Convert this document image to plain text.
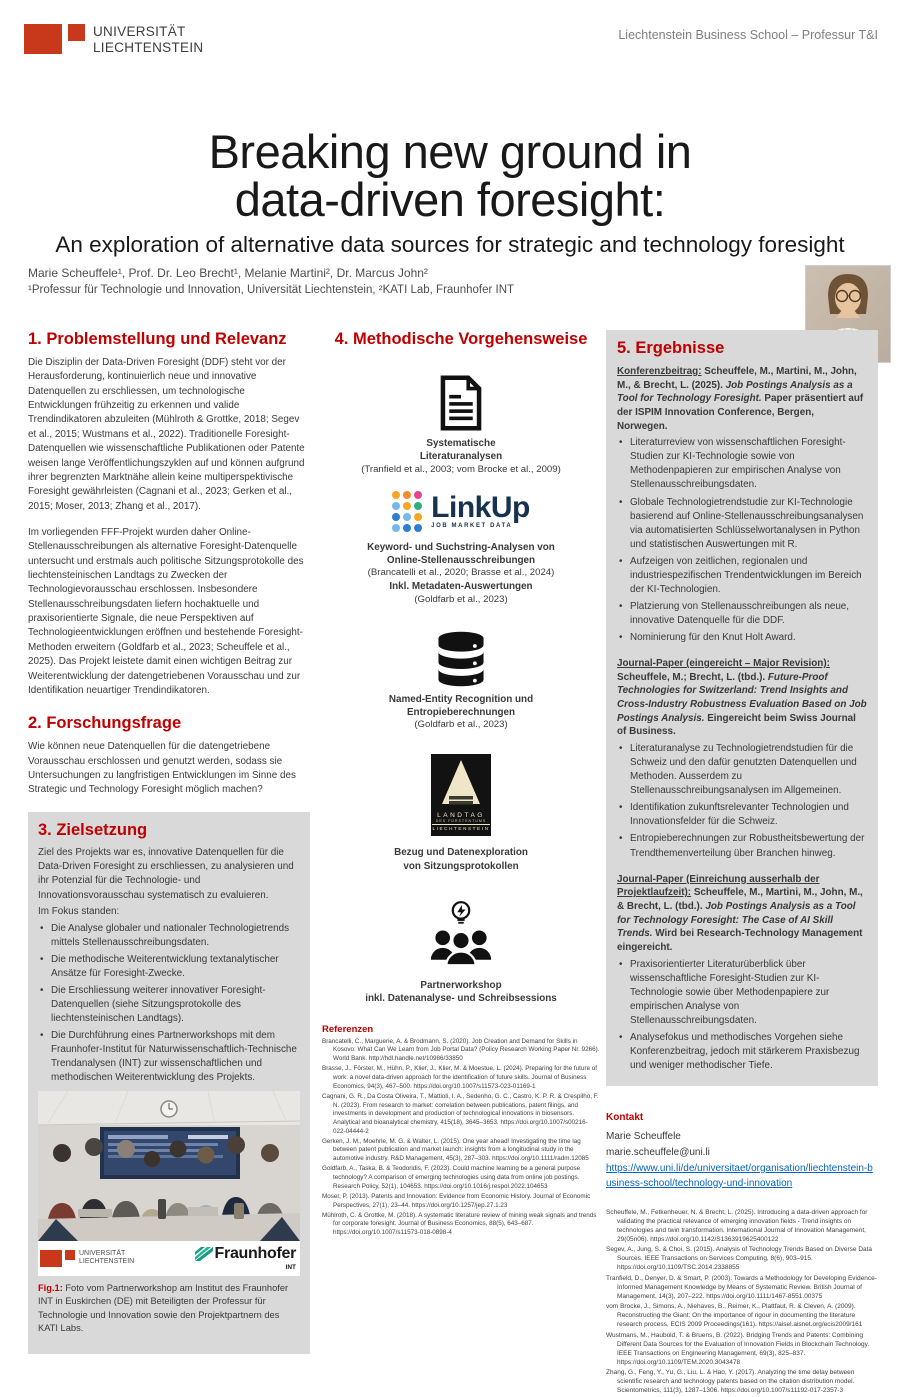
UNIVERSITÄT
LIECHTENSTEIN
Liechtenstein Business School – Professur T&I
Breaking new ground in
data-driven foresight:
An exploration of alternative data sources for strategic and technology foresight
Marie Scheuffele¹, Prof. Dr. Leo Brecht¹, Melanie Martini², Dr. Marcus John²
¹Professur für Technologie und Innovation, Universität Liechtenstein, ²KATI Lab, Fraunhofer INT
1. Problemstellung und Relevanz

Die Disziplin der Data-Driven Foresight (DDF) steht vor der Herausforderung, kontinuierlich neue und innovative Datenquellen zu erschliessen, um technologische Entwicklungen frühzeitig zu erkennen und valide Trendindikatoren abzuleiten (Mühlroth & Grottke, 2018; Segev et al., 2015; Wustmans et al., 2022). Traditionelle Foresight-Datenquellen wie wissenschaftliche Publikationen oder Patente weisen lange Veröffentlichungszyklen auf und können aufgrund ihrer begrenzten Marktnähe allein keine multiperspektivische Foresight gewährleisten (Cagnani et al., 2023; Gerken et al., 2015; Moser, 2013; Zhang et al., 2017).

Im vorliegenden FFF-Projekt wurden daher Online-Stellenausschreibungen als alternative Foresight-Datenquelle untersucht und erstmals auch politische Sitzungsprotokolle des liechtensteinischen Landtags zu Zwecken der Technologievorausschau erschlossen. Insbesondere Stellenausschreibungsdaten liefern hochaktuelle und praxisorientierte Signale, die neue Perspektiven auf Technologieentwicklungen eröffnen und bestehende Foresight-Methoden erweitern (Goldfarb et al., 2023; Scheuffele et al., 2025). Das Projekt leistete damit einen wichtigen Beitrag zur Weiterentwicklung der datengetriebenen Vorausschau und zur Identifikation neuartiger Trendindikatoren.

2. Forschungsfrage

Wie können neue Datenquellen für die datengetriebene Vorausschau erschlossen und genutzt werden, sodass sie Untersuchungen zu langfristigen Entwicklungen im Sinne des Strategic und Technology Foresight möglich machen?

3. Zielsetzung

Ziel des Projekts war es, innovative Datenquellen für die Data-Driven Foresight zu erschliessen, zu analysieren und ihr Potenzial für die Technologie- und Innovationsvorausschau systematisch zu evaluieren.

Im Fokus standen:

• Die Analyse globaler und nationaler Technologietrends mittels Stellenausschreibungsdaten.
• Die methodische Weiterentwicklung textanalytischer Ansätze für Foresight-Zwecke.
• Die Erschliessung weiterer innovativer Foresight-Datenquellen (siehe Sitzungsprotokolle des liechtensteinischen Landtags).
• Die Durchführung eines Partnerworkshops mit dem Fraunhofer-Institut für Naturwissenschaftlich-Technische Trendanalysen (INT) zur wissenschaftlichen und methodischen Weiterentwicklung des Projekts.
UNIVERSITÄT
LIECHTENSTEIN	Fraunhofer
INT

Fig.1: Foto vom Partnerworkshop am Institut des Fraunhofer INT in Euskirchen (DE) mit Beteiligten der Professur für Technologie und Innovation sowie den Projektpartnern des KATI Labs.

4. Methodische Vorgehensweise
Systematische
Literaturanalysen
(Tranfield et al., 2003; vom Brocke et al., 2009)
LinkUp
JOB MARKET DATA
Keyword- und Suchstring-Analysen von
Online-Stellenausschreibungen
(Brancatelli et al., 2020; Brasse et al., 2024)
Inkl. Metadaten-Auswertungen
(Goldfarb et al., 2023)
Named-Entity Recognition und
Entropieberechnungen
(Goldfarb et al., 2023)
LANDTAG
DES FÜRSTENTUMS
LIECHTENSTEIN
Bezug und Datenexploration
von Sitzungsprotokollen
Partnerworkshop
inkl. Datenanalyse- und Schreibsessions
Referenzen
Brancatelli, C., Marguerie, A. & Brodmann, S. (2020). Job Creation and Demand for Skills in Kosovo: What Can We Learn from Job Portal Data? (Policy Research Working Paper Nr. 9266). World Bank. http://hdl.handle.net/10986/33850
Brasse, J., Förster, M., Hühn, P., Klier, J., Klier, M. & Moestue, L. (2024). Preparing for the future of work: a novel data-driven approach for the identification of future skills. Journal of Business Economics, 94(3), 467–500. https://doi.org/10.1007/s11573-023-01169-1
Cagnani, G. R., Da Costa Oliveira, T., Mattioli, I. A., Sedenho, G. C., Castro, K. P. R. & Crespilho, F. N. (2023). From research to market: correlation between publications, patent filings, and investments in development and production of technological innovations in biosensors. Analytical and bioanalytical chemistry, 415(18), 3645–3653. https://doi.org/10.1007/s00216-022-04444-2
Gerken, J. M., Moehrle, M. G. & Walter, L. (2015). One year ahead! Investigating the time lag between patent publication and market launch: insights from a longitudinal study in the automotive industry. R&D Management, 45(3), 287–303. https://doi.org/10.1111/radm.12085
Goldfarb, A., Taska, B. & Teodoridis, F. (2023). Could machine learning be a general purpose technology? A comparison of emerging technologies using data from online job postings. Research Policy, 52(1), 104653. https://doi.org/10.1016/j.respol.2022.104653
Moser, P. (2013). Patents and Innovation: Evidence from Economic History. Journal of Economic Perspectives, 27(1), 23–44. https://doi.org/10.1257/jep.27.1.23
Mühlroth, C. & Grottke, M. (2018). A systematic literature review of mining weak signals and trends for corporate foresight. Journal of Business Economics, 88(5), 643–687. https://doi.org/10.1007/s11573-018-0898-4
5. Ergebnisse

Konferenzbeitrag: Scheuffele, M., Martini, M., John, M., & Brecht, L. (2025). Job Postings Analysis as a Tool for Technology Foresight. Paper präsentiert auf der ISPIM Innovation Conference, Bergen, Norwegen.

• Literaturreview von wissenschaftlichen Foresight-Studien zur KI-Technologie sowie von Methodenpapieren zur empirischen Analyse von Stellenausschreibungsdaten.
• Globale Technologietrendstudie zur KI-Technologie basierend auf Online-Stellenausschreibungsanalysen via automatisierten Schlüsselwortanalysen in Python und statistischen Auswertungen mit R.
• Aufzeigen von zeitlichen, regionalen und industriespezifischen Trendentwicklungen im Bereich der KI-Technologien.
• Platzierung von Stellenausschreibungen als neue, innovative Datenquelle für die DDF.
• Nominierung für den Knut Holt Award.

Journal-Paper (eingereicht – Major Revision): Scheuffele, M.; Brecht, L. (tbd.). Future-Proof Technologies for Switzerland: Trend Insights and Cross-Industry Robustness Evaluation Based on Job Postings Analysis. Eingereicht beim Swiss Journal of Business.

• Literaturanalyse zu Technologietrendstudien für die Schweiz und den dafür genutzten Datenquellen und Methoden. Ausserdem zu Stellenausschreibungsanalysen im Allgemeinen.
• Identifikation zukunftsrelevanter Technologien und Innovationsfelder für die Schweiz.
• Entropieberechnungen zur Robustheitsbewertung der Trendthemenverteilung über Branchen hinweg.

Journal-Paper (Einreichung ausserhalb der Projektlaufzeit): Scheuffele, M., Martini, M., John, M., & Brecht, L. (tbd.). Job Postings Analysis as a Tool for Technology Foresight: The Case of AI Skill Trends. Wird bei Research-Technology Management eingereicht.

• Praxisorientierter Literaturüberblick über wissenschaftliche Foresight-Studien zur KI-Technologie sowie über Methodenpapiere zur empirischen Analyse von Stellenausschreibungsdaten.
• Analysefokus und methodisches Vorgehen siehe Konferenzbeitrag, jedoch mit stärkerem Praxisbezug und weniger methodischer Tiefe.
Kontakt

Marie Scheuffele

marie.scheuffele@uni.li

https://www.uni.li/de/universitaet/organisation/liechtenstein-business-school/technology-und-innovation
Scheuffele, M., Fetkenheuer, N. & Brecht, L. (2025). Introducing a data-driven approach for validating the practical relevance of emerging innovation fields - Trend insights on technologies and twin transformation. International Journal of Innovation Management, 29(05n06). https://doi.org/10.1142/S1363919625400122
Segev, A., Jung, S. & Choi, S. (2015). Analysis of Technology Trends Based on Diverse Data Sources. IEEE Transactions on Services Computing, 8(6), 903–915. https://doi.org/10.1109/TSC.2014.2338855
Tranfield, D., Denyer, D. & Smart, P. (2003). Towards a Methodology for Developing Evidence-Informed Management Knowledge by Means of Systematic Review. British Journal of Management, 14(3), 207–222. https://doi.org/10.1111/1467-8551.00375
vom Brocke, J., Simons, A., Niehaves, B., Reimer, K., Plattfaut, R. & Cleven, A. (2009). Reconstructing the Giant: On the importance of rigour in documenting the literature research process. ECIS 2009 Proceedings(161). https://aisel.aisnet.org/ecis2009/161
Wustmans, M., Haubold, T. & Bruens, B. (2022). Bridging Trends and Patents: Combining Different Data Sources for the Evaluation of Innovation Fields in Blockchain Technology. IEEE Transactions on Engineering Management, 69(3), 825–837. https://doi.org/10.1109/TEM.2020.3043478
Zhang, G., Feng, Y., Yu, G., Liu, L. & Hao, Y. (2017). Analyzing the time delay between scientific research and technology patents based on the citation distribution model. Scientometrics, 111(3), 1287–1306. https://doi.org/10.1007/s11192-017-2357-3
